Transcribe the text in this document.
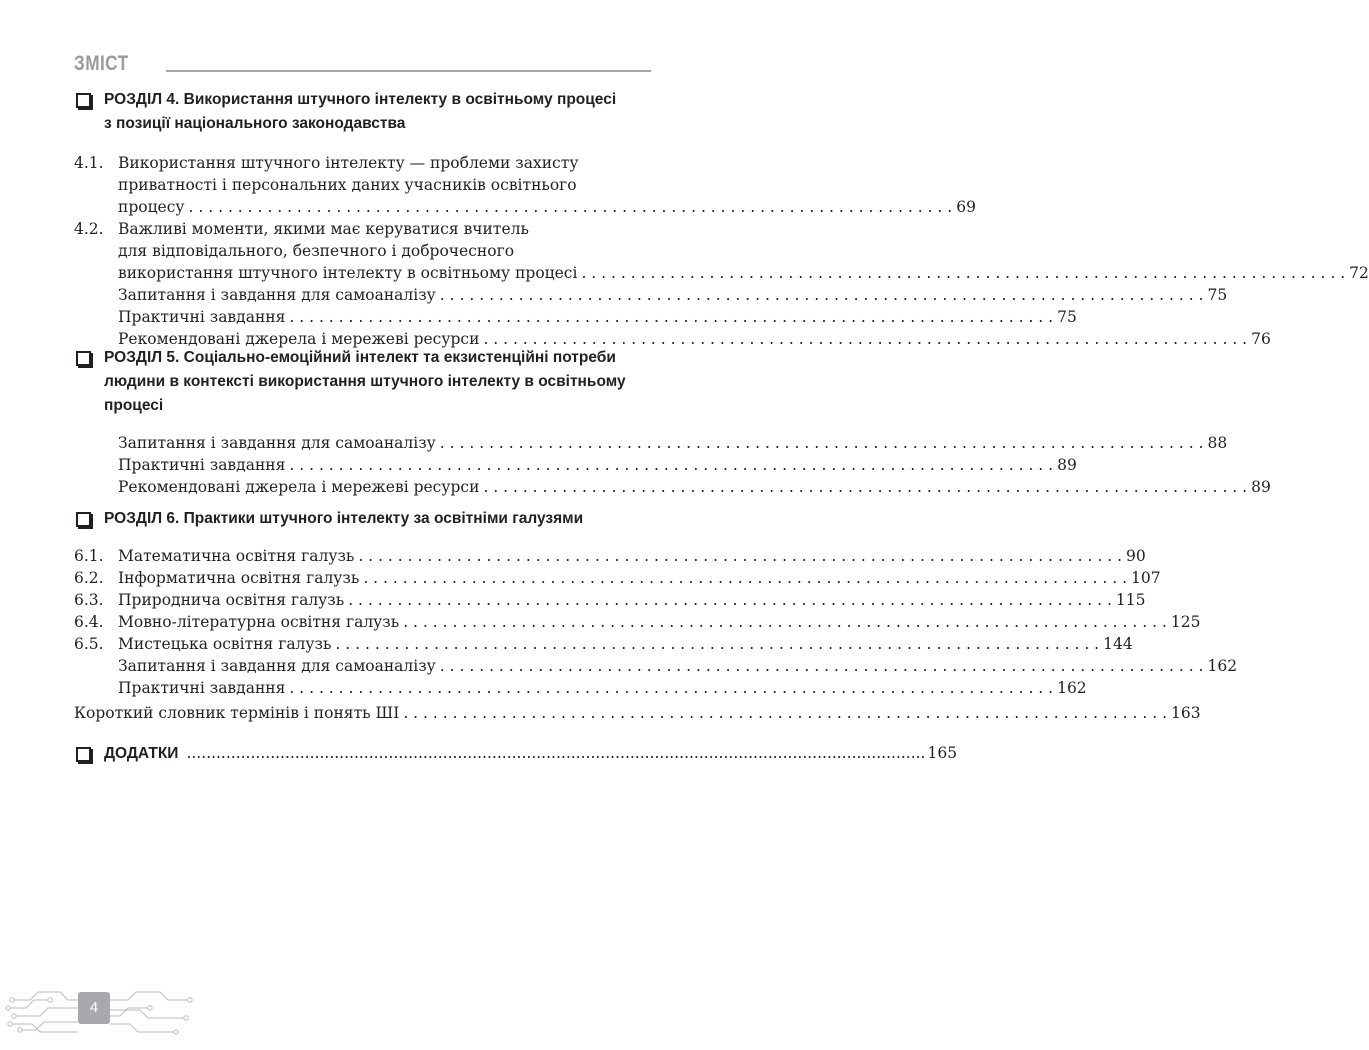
ЗМІСТ
РОЗДІЛ 4. Використання штучного інтелекту в освітньому процесі
з позиції національного законодавства
4.1. Використання штучного інтелекту — проблеми захисту
приватності і персональних даних учасників освітнього
процесу . . .	69
4.2. Важливі моменти, якими має керуватися вчитель
для відповідального, безпечного і доброчесного
використання штучного інтелекту в освітньому процесі . . .	72
Запитання і завдання для самоаналізу . . .	75
Практичні завдання . . .	75
Рекомендовані джерела і мережеві ресурси . . .	76
РОЗДІЛ 5. Соціально-емоційний інтелект та екзистенційні потреби
людини в контексті використання штучного інтелекту в освітньому
процесі
Запитання і завдання для самоаналізу . . .	88
Практичні завдання . . .	89
Рекомендовані джерела і мережеві ресурси . . .	89
РОЗДІЛ 6. Практики штучного інтелекту за освітніми галузями
6.1. Математична освітня галузь . . .	90
6.2. Інформатична освітня галузь . . .	107
6.3. Природнича освітня галузь . . .	115
6.4. Мовно-літературна освітня галузь . . .	125
6.5. Мистецька освітня галузь . . .	144
Запитання і завдання для самоаналізу . . .	162
Практичні завдання . . .	162
Короткий словник термінів і понять ШІ . . .	163
ДОДАТКИ .....	165
4
